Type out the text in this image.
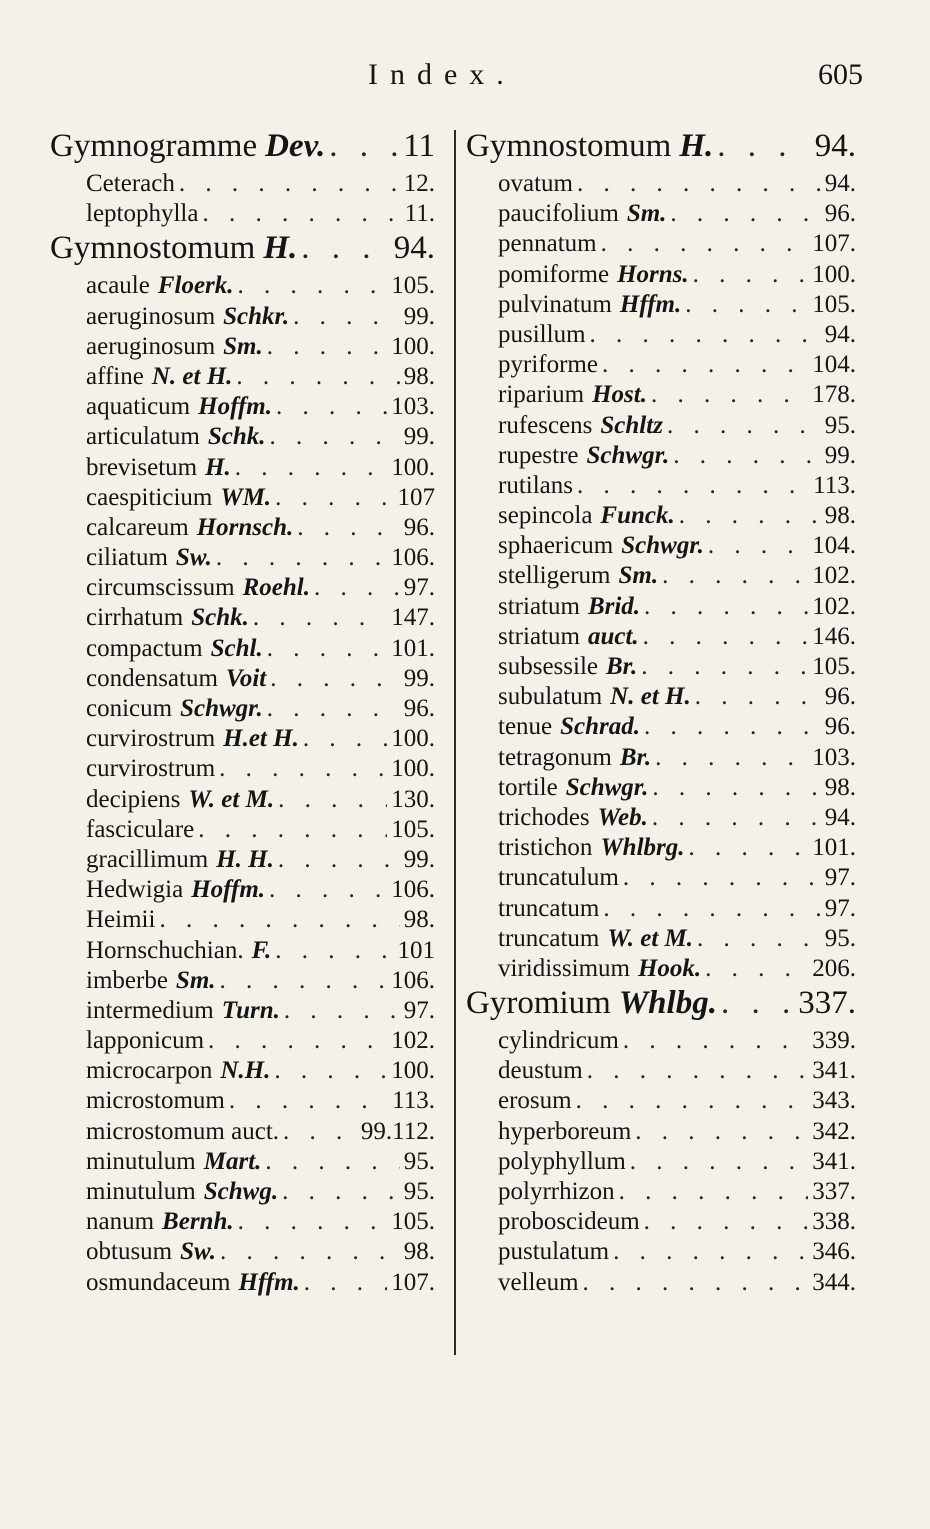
Index.	605
Gymnogramme Dev. . . . 11
Ceterach . . .	12.
leptophylla . . .	11.
Gymnostomum H. . . .	94.
acaule Floerk. . . .	105.
aeruginosum Schkr. . . .	99.
aeruginosum Sm. . . .	100.
affine N. et H. . . .	98.
aquaticum Hoffm. . . .	103.
articulatum Schk. . . .	99.
brevisetum H. . . .	100.
caespiticium WM. . . .	107
calcareum Hornsch. . . .	96.
ciliatum Sw. . . .	106.
circumscissum Roehl. . . .	97.
cirrhatum Schk. . . .	147.
compactum Schl. . . .	101.
condensatum Voit . . .	99.
conicum Schwgr. . . .	96.
curvirostrum H.et H. . . .	100.
curvirostrum . . .	100.
decipiens W. et M. . . .	130.
fasciculare . . .	105.
gracillimum H. H. . . .	99.
Hedwigia Hoffm. . . .	106.
Heimii . . .	98.
Hornschuchian. F. . . .	101
imberbe Sm. . . .	106.
intermedium Turn. . . .	97.
lapponicum . . .	102.
microcarpon N.H. . . .	100.
microstomum . . .	113.
microstomum auct. . . .	99.112.
minutulum Mart. . . .	95.
minutulum Schwg. . . .	95.
nanum Bernh. . . .	105.
obtusum Sw. . . .	98.
osmundaceum Hffm. . . .	107.
Gymnostomum H. . . .	94.
ovatum . . .	94.
paucifolium Sm. . . .	96.
pennatum . . .	107.
pomiforme Horns. . . .	100.
pulvinatum Hffm. . . .	105.
pusillum . . .	94.
pyriforme . . .	104.
riparium Host. . . .	178.
rufescens Schltz . . .	95.
rupestre Schwgr. . . .	99.
rutilans . . .	113.
sepincola Funck. . . .	98.
sphaericum Schwgr. . . .	104.
stelligerum Sm. . . .	102.
striatum Brid. . . .	102.
striatum auct. . . .	146.
subsessile Br. . . .	105.
subulatum N. et H. . . .	96.
tenue Schrad. . . .	96.
tetragonum Br. . . .	103.
tortile Schwgr. . . .	98.
trichodes Web. . . .	94.
tristichon Whlbrg. . . .	101.
truncatulum . . .	97.
truncatum . . .	97.
truncatum W. et M. . . .	95.
viridissimum Hook. . . .	206.
Gyromium Whlbg. . . . 337.
cylindricum . . .	339.
deustum . . .	341.
erosum . . .	343.
hyperboreum . . .	342.
polyphyllum . . .	341.
polyrrhizon . . .	337.
proboscideum . . .	338.
pustulatum . . .	346.
velleum . . .	344.
